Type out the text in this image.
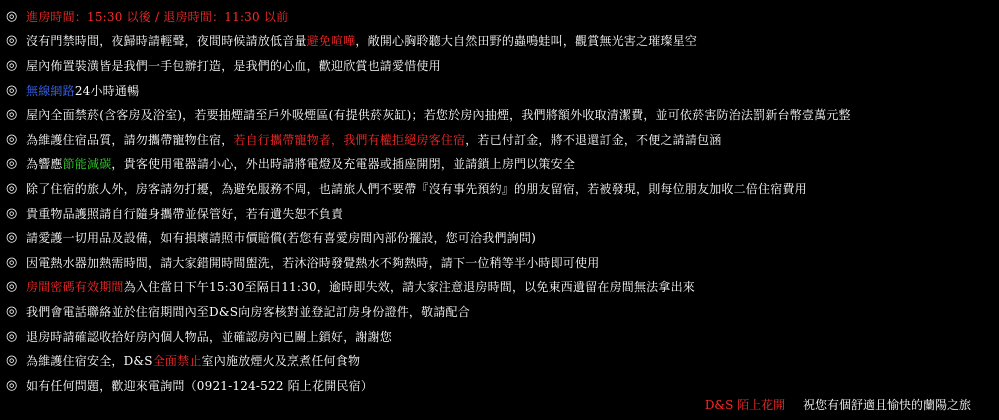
◎ 進房時間：15:30 以後 / 退房時間：11:30 以前
◎ 沒有門禁時間，夜歸時請輕聲，夜間時候請放低音量避免喧嘩，敞開心胸聆聽大自然田野的蟲鳴蛙叫，觀賞無光害之璀璨星空
◎ 屋內佈置裝潢皆是我們一手包辦打造，是我們的心血，歡迎欣賞也請愛惜使用
◎ 無線網路24小時通暢
◎ 屋內全面禁菸(含客房及浴室)，若要抽煙請至戶外吸煙區(有提供菸灰缸)；若您於房內抽煙，我們將額外收取清潔費，並可依菸害防治法罰新台幣壹萬元整
◎ 為維護住宿品質，請勿攜帶寵物住宿，若自行攜帶寵物者，我們有權拒絕房客住宿，若已付訂金，將不退還訂金，不便之請請包涵
◎ 為響應節能減碳，貴客使用電器請小心，外出時請將電燈及充電器或插座開閉，並請鎖上房門以策安全
◎ 除了住宿的旅人外，房客請勿打擾，為避免服務不周，也請旅人們不要帶『沒有事先預約』的朋友留宿，若被發現，則每位朋友加收二倍住宿費用
◎ 貴重物品護照請自行隨身攜帶並保管好，若有遺失恕不負責
◎ 請愛護一切用品及設備，如有損壞請照市價賠償(若您有喜愛房間內部份擺設，您可洽我們詢問)
◎ 因電熱水器加熱需時間，請大家錯開時間盥洗，若沐浴時發覺熱水不夠熱時，請下一位稍等半小時即可使用
◎ 房間密碼有效期間為入住當日下午15:30至隔日11:30，逾時即失效，請大家注意退房時間，以免東西遺留在房間無法拿出來
◎ 我們會電話聯絡並於住宿期間內至D&S向房客核對並登記訂房身份證件，敬請配合
◎ 退房時請確認收拾好房內個人物品，並確認房內已關上鎖好，謝謝您
◎ 為維護住宿安全，D&S全面禁止室內施放煙火及烹煮任何食物
◎ 如有任何問題，歡迎來電詢問（0921-124-522 陌上花開民宿）
D&S 陌上花開 祝您有個舒適且愉快的蘭陽之旅
